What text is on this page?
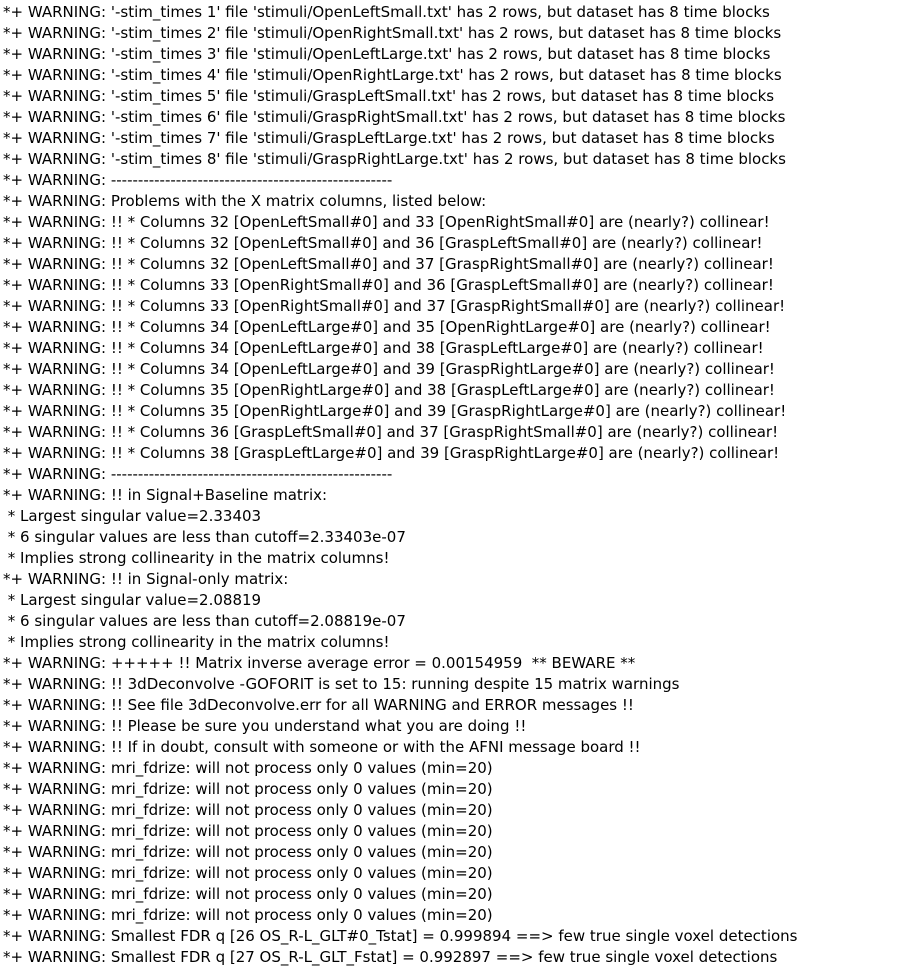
*+ WARNING: '-stim_times 1' file 'stimuli/OpenLeftSmall.txt' has 2 rows, but dataset has 8 time blocks
*+ WARNING: '-stim_times 2' file 'stimuli/OpenRightSmall.txt' has 2 rows, but dataset has 8 time blocks
*+ WARNING: '-stim_times 3' file 'stimuli/OpenLeftLarge.txt' has 2 rows, but dataset has 8 time blocks
*+ WARNING: '-stim_times 4' file 'stimuli/OpenRightLarge.txt' has 2 rows, but dataset has 8 time blocks
*+ WARNING: '-stim_times 5' file 'stimuli/GraspLeftSmall.txt' has 2 rows, but dataset has 8 time blocks
*+ WARNING: '-stim_times 6' file 'stimuli/GraspRightSmall.txt' has 2 rows, but dataset has 8 time blocks
*+ WARNING: '-stim_times 7' file 'stimuli/GraspLeftLarge.txt' has 2 rows, but dataset has 8 time blocks
*+ WARNING: '-stim_times 8' file 'stimuli/GraspRightLarge.txt' has 2 rows, but dataset has 8 time blocks
*+ WARNING: ----------------------------------------------------
*+ WARNING: Problems with the X matrix columns, listed below:
*+ WARNING: !! * Columns 32 [OpenLeftSmall#0] and 33 [OpenRightSmall#0] are (nearly?) collinear!
*+ WARNING: !! * Columns 32 [OpenLeftSmall#0] and 36 [GraspLeftSmall#0] are (nearly?) collinear!
*+ WARNING: !! * Columns 32 [OpenLeftSmall#0] and 37 [GraspRightSmall#0] are (nearly?) collinear!
*+ WARNING: !! * Columns 33 [OpenRightSmall#0] and 36 [GraspLeftSmall#0] are (nearly?) collinear!
*+ WARNING: !! * Columns 33 [OpenRightSmall#0] and 37 [GraspRightSmall#0] are (nearly?) collinear!
*+ WARNING: !! * Columns 34 [OpenLeftLarge#0] and 35 [OpenRightLarge#0] are (nearly?) collinear!
*+ WARNING: !! * Columns 34 [OpenLeftLarge#0] and 38 [GraspLeftLarge#0] are (nearly?) collinear!
*+ WARNING: !! * Columns 34 [OpenLeftLarge#0] and 39 [GraspRightLarge#0] are (nearly?) collinear!
*+ WARNING: !! * Columns 35 [OpenRightLarge#0] and 38 [GraspLeftLarge#0] are (nearly?) collinear!
*+ WARNING: !! * Columns 35 [OpenRightLarge#0] and 39 [GraspRightLarge#0] are (nearly?) collinear!
*+ WARNING: !! * Columns 36 [GraspLeftSmall#0] and 37 [GraspRightSmall#0] are (nearly?) collinear!
*+ WARNING: !! * Columns 38 [GraspLeftLarge#0] and 39 [GraspRightLarge#0] are (nearly?) collinear!
*+ WARNING: ----------------------------------------------------
*+ WARNING: !! in Signal+Baseline matrix:
* Largest singular value=2.33403
* 6 singular values are less than cutoff=2.33403e-07
* Implies strong collinearity in the matrix columns!
*+ WARNING: !! in Signal-only matrix:
* Largest singular value=2.08819
* 6 singular values are less than cutoff=2.08819e-07
* Implies strong collinearity in the matrix columns!
*+ WARNING: +++++ !! Matrix inverse average error = 0.00154959  ** BEWARE **
*+ WARNING: !! 3dDeconvolve -GOFORIT is set to 15: running despite 15 matrix warnings
*+ WARNING: !! See file 3dDeconvolve.err for all WARNING and ERROR messages !!
*+ WARNING: !! Please be sure you understand what you are doing !!
*+ WARNING: !! If in doubt, consult with someone or with the AFNI message board !!
*+ WARNING: mri_fdrize: will not process only 0 values (min=20)
*+ WARNING: mri_fdrize: will not process only 0 values (min=20)
*+ WARNING: mri_fdrize: will not process only 0 values (min=20)
*+ WARNING: mri_fdrize: will not process only 0 values (min=20)
*+ WARNING: mri_fdrize: will not process only 0 values (min=20)
*+ WARNING: mri_fdrize: will not process only 0 values (min=20)
*+ WARNING: mri_fdrize: will not process only 0 values (min=20)
*+ WARNING: mri_fdrize: will not process only 0 values (min=20)
*+ WARNING: Smallest FDR q [26 OS_R-L_GLT#0_Tstat] = 0.999894 ==> few true single voxel detections
*+ WARNING: Smallest FDR q [27 OS_R-L_GLT_Fstat] = 0.992897 ==> few true single voxel detections
